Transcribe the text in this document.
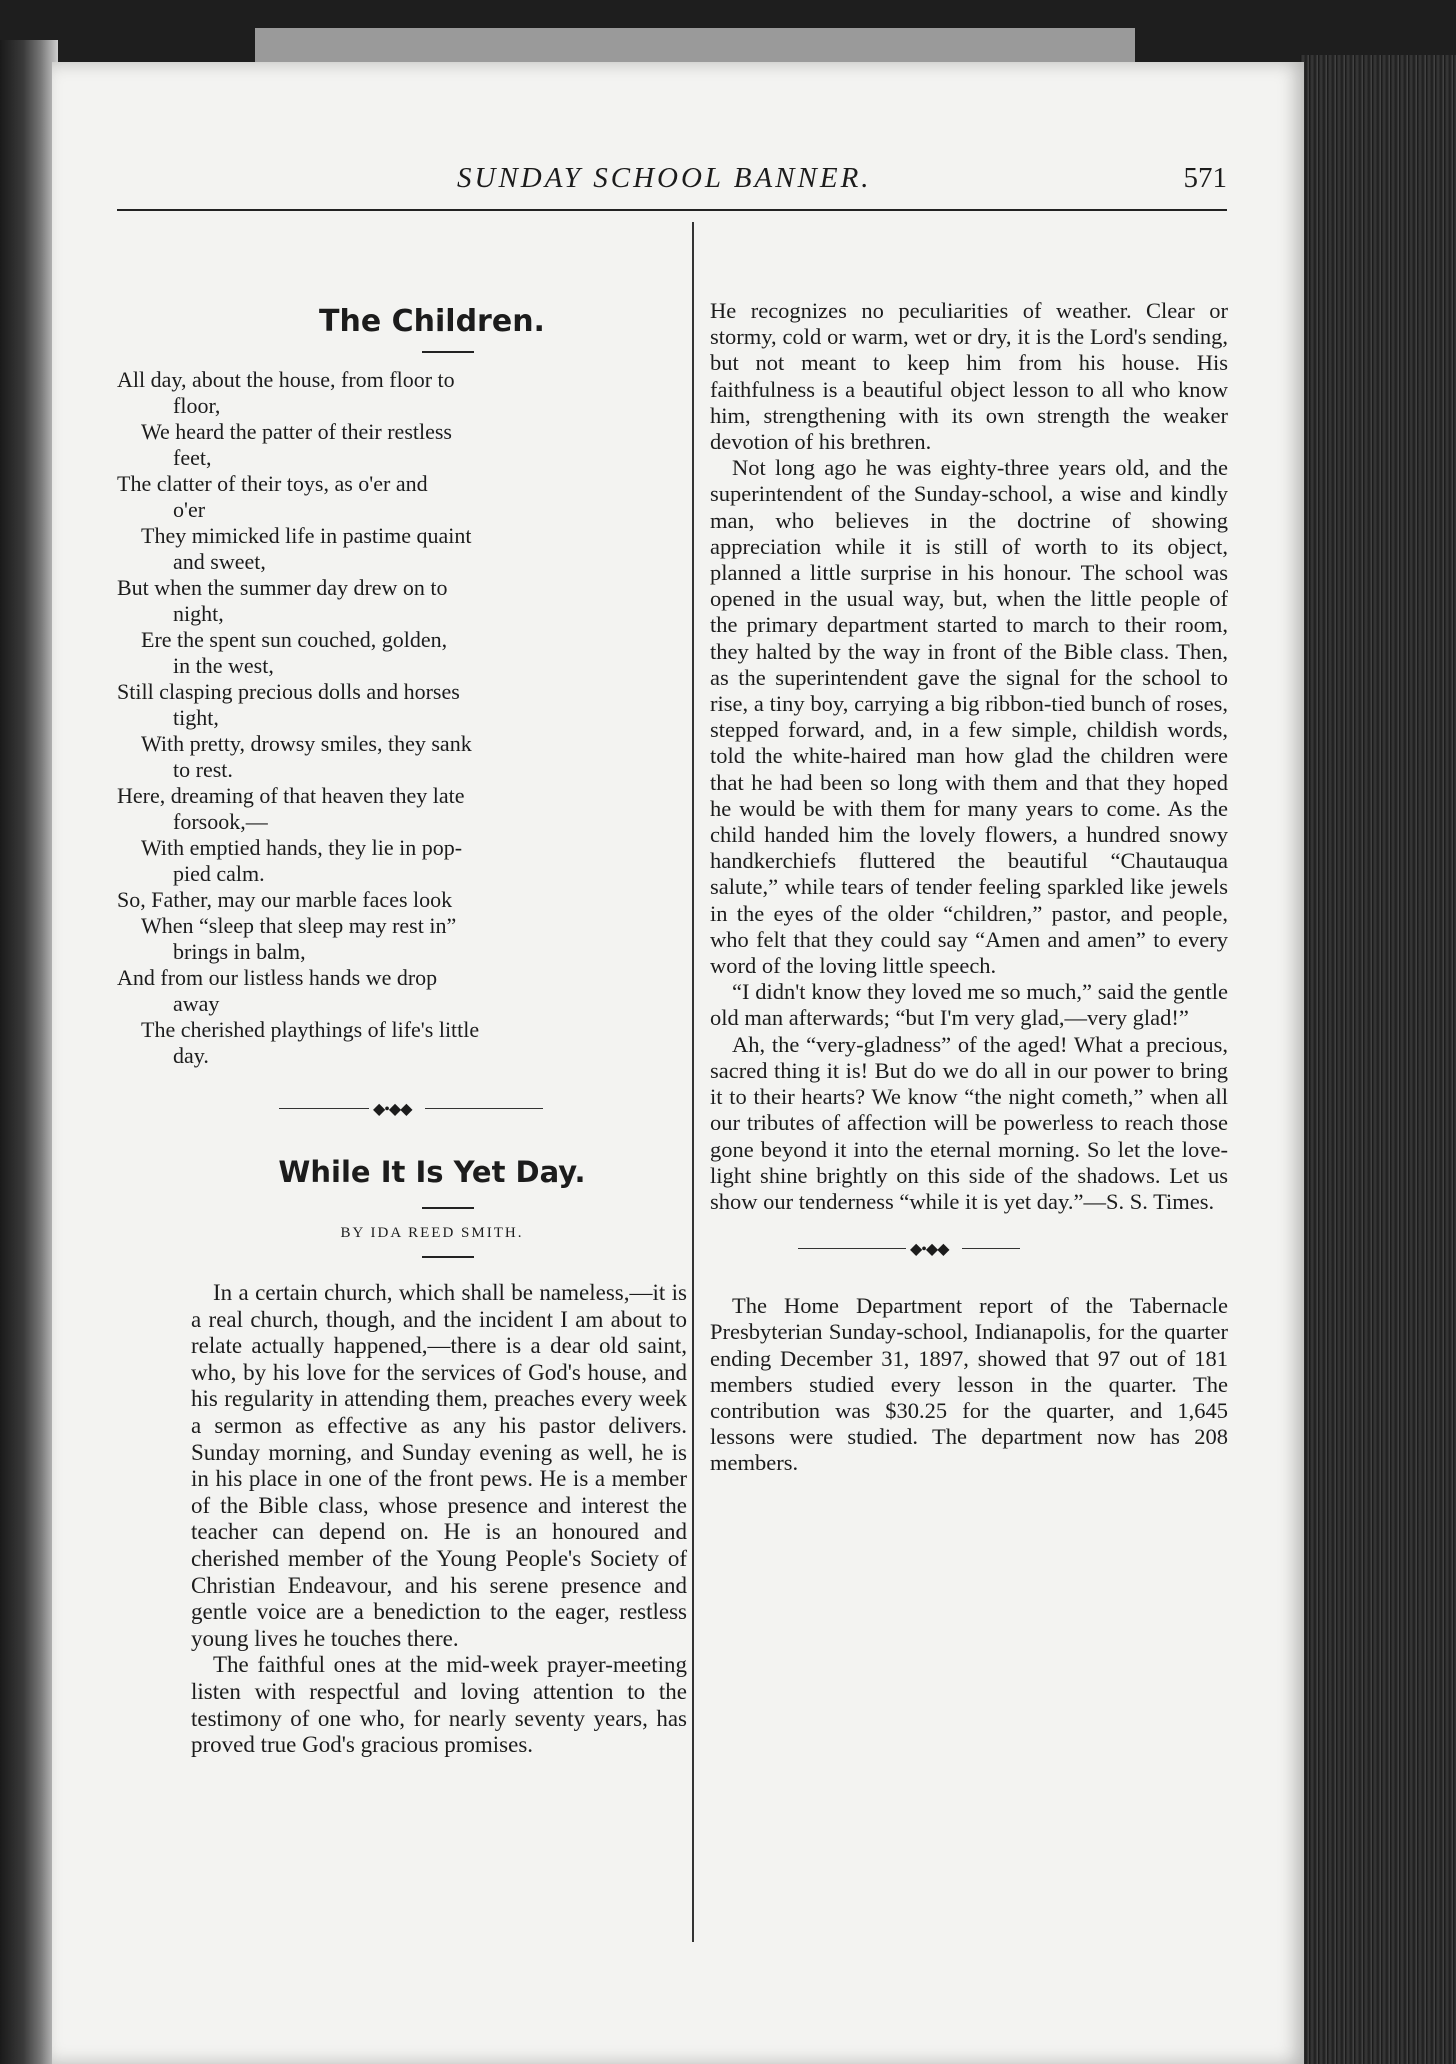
SUNDAY SCHOOL BANNER.	571
The Children.
All day, about the house, from floor to
floor,
We heard the patter of their restless
feet,
The clatter of their toys, as o'er and
o'er
They mimicked life in pastime quaint
and sweet,
But when the summer day drew on to
night,
Ere the spent sun couched, golden,
in the west,
Still clasping precious dolls and horses
tight,
With pretty, drowsy smiles, they sank
to rest.
Here, dreaming of that heaven they late
forsook,—
With emptied hands, they lie in pop-
pied calm.
So, Father, may our marble faces look
When “sleep that sleep may rest in”
brings in balm,
And from our listless hands we drop
away
The cherished playthings of life's little
day.
◆•◆◆
While It Is Yet Day.
BY IDA REED SMITH.

In a certain church, which shall be nameless,—it is a real church, though, and the incident I am about to relate actually happened,—there is a dear old saint, who, by his love for the services of God's house, and his regularity in attending them, preaches every week a sermon as effective as any his pastor delivers. Sunday morning, and Sunday evening as well, he is in his place in one of the front pews. He is a member of the Bible class, whose presence and interest the teacher can depend on. He is an honoured and cherished member of the Young People's Society of Christian Endeavour, and his serene presence and gentle voice are a benediction to the eager, restless young lives he touches there.

The faithful ones at the mid-week prayer-meeting listen with respectful and loving attention to the testimony of one who, for nearly seventy years, has proved true God's gracious promises.

He recognizes no peculiarities of weather. Clear or stormy, cold or warm, wet or dry, it is the Lord's sending, but not meant to keep him from his house. His faithfulness is a beautiful object lesson to all who know him, strengthening with its own strength the weaker devotion of his brethren.

Not long ago he was eighty-three years old, and the superintendent of the Sunday-school, a wise and kindly man, who believes in the doctrine of showing appreciation while it is still of worth to its object, planned a little surprise in his honour. The school was opened in the usual way, but, when the little people of the primary department started to march to their room, they halted by the way in front of the Bible class. Then, as the superintendent gave the signal for the school to rise, a tiny boy, carrying a big ribbon-tied bunch of roses, stepped forward, and, in a few simple, childish words, told the white-haired man how glad the children were that he had been so long with them and that they hoped he would be with them for many years to come. As the child handed him the lovely flowers, a hundred snowy handkerchiefs fluttered the beautiful “Chautauqua salute,” while tears of tender feeling sparkled like jewels in the eyes of the older “children,” pastor, and people, who felt that they could say “Amen and amen” to every word of the loving little speech.

“I didn't know they loved me so much,” said the gentle old man afterwards; “but I'm very glad,—very glad!”

Ah, the “very-gladness” of the aged! What a precious, sacred thing it is! But do we do all in our power to bring it to their hearts? We know “the night cometh,” when all our tributes of affection will be powerless to reach those gone beyond it into the eternal morning. So let the love-light shine brightly on this side of the shadows. Let us show our tenderness “while it is yet day.”—S. S. Times.

◆•◆◆

The Home Department report of the Tabernacle Presbyterian Sunday-school, Indianapolis, for the quarter ending December 31, 1897, showed that 97 out of 181 members studied every lesson in the quarter. The contribution was $30.25 for the quarter, and 1,645 lessons were studied. The department now has 208 members.
